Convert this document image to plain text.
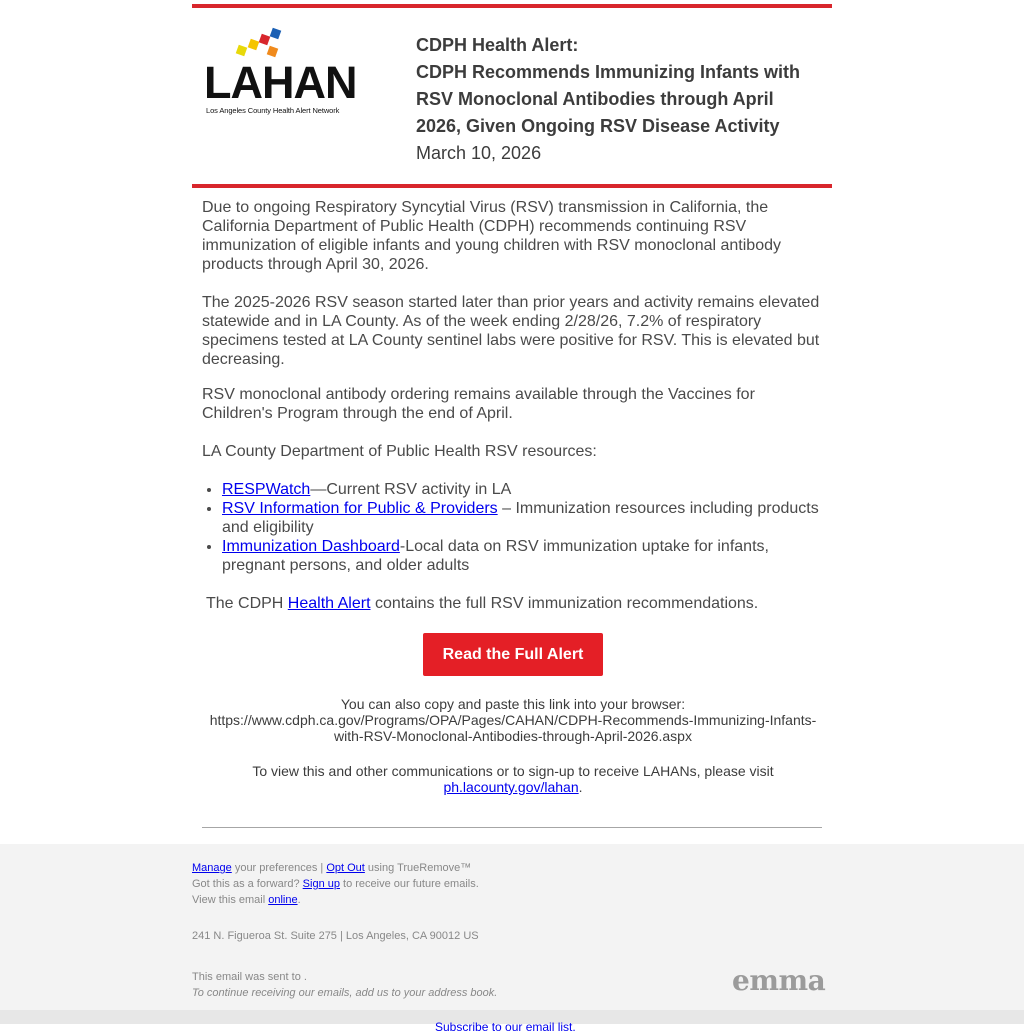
LAHAN
Los Angeles County Health Alert Network
CDPH Health Alert:
CDPH Recommends Immunizing Infants with RSV Monoclonal Antibodies through April 2026, Given Ongoing RSV Disease Activity
March 10, 2026

Due to ongoing Respiratory Syncytial Virus (RSV) transmission in California, the California Department of Public Health (CDPH) recommends continuing RSV immunization of eligible infants and young children with RSV monoclonal antibody products through April 30, 2026.

The 2025-2026 RSV season started later than prior years and activity remains elevated statewide and in LA County. As of the week ending 2/28/26, 7.2% of respiratory specimens tested at LA County sentinel labs were positive for RSV. This is elevated but decreasing.

RSV monoclonal antibody ordering remains available through the Vaccines for Children's Program through the end of April.

LA County Department of Public Health RSV resources:

• RESPWatch—Current RSV activity in LA
• RSV Information for Public & Providers – Immunization resources including products and eligibility
• Immunization Dashboard-Local data on RSV immunization uptake for infants, pregnant persons, and older adults

The CDPH Health Alert contains the full RSV immunization recommendations.

Read the Full Alert
You can also copy and paste this link into your browser:
https://www.cdph.ca.gov/Programs/OPA/Pages/CAHAN/CDPH-Recommends-Immunizing-Infants-with-RSV-Monoclonal-Antibodies-through-April-2026.aspx
To view this and other communications or to sign-up to receive LAHANs, please visit
ph.lacounty.gov/lahan.
Manage your preferences | Opt Out using TrueRemove™
Got this as a forward? Sign up to receive our future emails.
View this email online.
241 N. Figueroa St. Suite 275 | Los Angeles, CA 90012 US
This email was sent to .
To continue receiving our emails, add us to your address book.	emma
Subscribe to our email list.
